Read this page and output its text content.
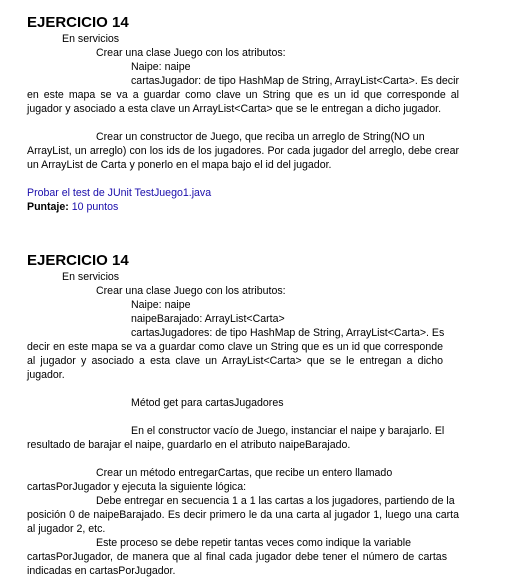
EJERCICIO 14

En servicios

Crear una clase Juego con los atributos:

Naipe: naipe

cartasJugador: de tipo HashMap de String, ArrayList<Carta>. Es decir

en este mapa se va a guardar como clave un String que es un id que corresponde al jugador y asociado a esta clave un ArrayList<Carta> que se le entregan a dicho jugador.

Crear un constructor de Juego, que reciba un arreglo de String(NO un

ArrayList, un arreglo) con los ids de los jugadores. Por cada jugador del arreglo, debe crear un ArrayList de Carta y ponerlo en el mapa bajo el id del jugador.

Probar el test de JUnit TestJuego1.java

Puntaje: 10 puntos

EJERCICIO 14

En servicios

Crear una clase Juego con los atributos:

Naipe: naipe

naipeBarajado: ArrayList<Carta>

cartasJugadores: de tipo HashMap de String, ArrayList<Carta>. Es

decir en este mapa se va a guardar como clave un String que es un id que corresponde al jugador y asociado a esta clave un ArrayList<Carta> que se le entregan a dicho jugador.

Métod get para cartasJugadores

En el constructor vacío de Juego, instanciar el naipe y barajarlo. El

resultado de barajar el naipe, guardarlo en el atributo naipeBarajado.

Crear un método entregarCartas, que recibe un entero llamado

cartasPorJugador y ejecuta la siguiente lógica:

Debe entregar en secuencia 1 a 1 las cartas a los jugadores, partiendo de la

posición 0 de naipeBarajado. Es decir primero le da una carta al jugador 1, luego una carta al jugador 2, etc.

Este proceso se debe repetir tantas veces como indique la variable

cartasPorJugador, de manera que al final cada jugador debe tener el número de cartas indicadas en cartasPorJugador.
